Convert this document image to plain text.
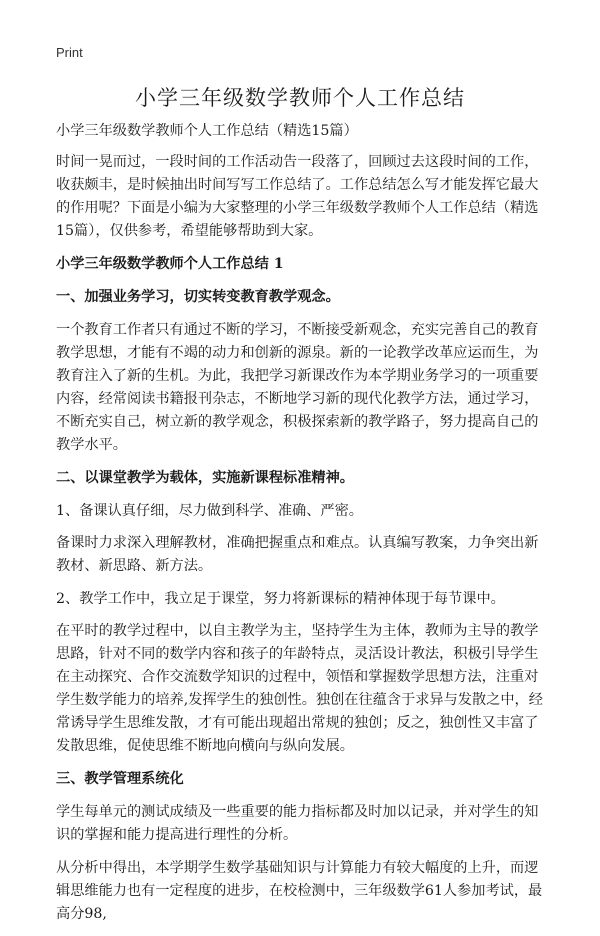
Print
小学三年级数学教师个人工作总结

小学三年级数学教师个人工作总结（精选15篇）

时间一晃而过，一段时间的工作活动告一段落了，回顾过去这段时间的工作，收获颇丰，是时候抽出时间写写工作总结了。工作总结怎么写才能发挥它最大的作用呢？下面是小编为大家整理的小学三年级数学教师个人工作总结（精选15篇），仅供参考，希望能够帮助到大家。

小学三年级数学教师个人工作总结 1

一、加强业务学习，切实转变教育教学观念。

一个教育工作者只有通过不断的学习，不断接受新观念，充实完善自己的教育教学思想，才能有不竭的动力和创新的源泉。新的一论教学改革应运而生，为教育注入了新的生机。为此，我把学习新课改作为本学期业务学习的一项重要内容，经常阅读书籍报刊杂志，不断地学习新的现代化教学方法，通过学习，不断充实自己，树立新的教学观念，积极探索新的教学路子，努力提高自己的教学水平。

二、以课堂教学为载体，实施新课程标准精神。

1、备课认真仔细，尽力做到科学、准确、严密。

备课时力求深入理解教材，准确把握重点和难点。认真编写教案，力争突出新教材、新思路、新方法。

2、教学工作中，我立足于课堂，努力将新课标的精神体现于每节课中。

在平时的教学过程中，以自主教学为主，坚持学生为主体，教师为主导的教学思路，针对不同的数学内容和孩子的年龄特点，灵活设计教法，积极引导学生在主动探究、合作交流数学知识的过程中，领悟和掌握数学思想方法，注重对学生数学能力的培养,发挥学生的独创性。独创在往蕴含于求异与发散之中，经常诱导学生思维发散，才有可能出现超出常规的独创；反之，独创性又丰富了发散思维，促使思维不断地向横向与纵向发展。

三、教学管理系统化

学生每单元的测试成绩及一些重要的能力指标都及时加以记录，并对学生的知识的掌握和能力提高进行理性的分析。

从分析中得出，本学期学生数学基础知识与计算能力有较大幅度的上升，而逻辑思维能力也有一定程度的进步，在校检测中，三年级数学61人参加考试，最高分98,
